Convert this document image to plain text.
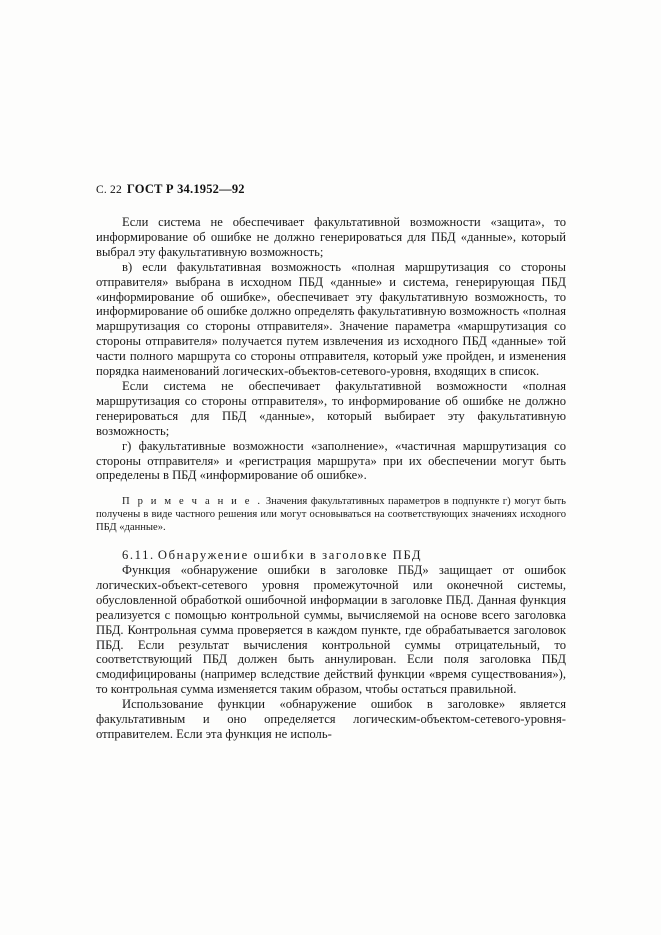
С. 22 ГОСТ Р 34.1952—92

Если система не обеспечивает факультативной возможности «защита», то информирование об ошибке не должно генерироваться для ПБД «данные», который выбрал эту факультативную возможность;

в) если факультативная возможность «полная маршрутизация со стороны отправителя» выбрана в исходном ПБД «данные» и система, генерирующая ПБД «информирование об ошибке», обеспечивает эту факультативную возможность, то информирование об ошибке должно определять факультативную возможность «полная маршрутизация со стороны отправителя». Значение параметра «маршрутизация со стороны отправителя» получается путем извлечения из исходного ПБД «данные» той части полного маршрута со стороны отправителя, который уже пройден, и изменения порядка наименований логических-объектов-сетевого-уровня, входящих в список.

Если система не обеспечивает факультативной возможности «полная маршрутизация со стороны отправителя», то информирование об ошибке не должно генерироваться для ПБД «данные», который выбирает эту факультативную возможность;

г) факультативные возможности «заполнение», «частичная маршрутизация со стороны отправителя» и «регистрация маршрута» при их обеспечении могут быть определены в ПБД «информирование об ошибке».

П р и м е ч а н и е . Значения факультативных параметров в подпункте г) могут быть получены в виде частного решения или могут основываться на соответствующих значениях исходного ПБД «данные».
6.11. Обнаружение ошибки в заголовке ПБД

Функция «обнаружение ошибки в заголовке ПБД» защищает от ошибок логических-объект-сетевого уровня промежуточной или оконечной системы, обусловленной обработкой ошибочной информации в заголовке ПБД. Данная функция реализуется с помощью контрольной суммы, вычисляемой на основе всего заголовка ПБД. Контрольная сумма проверяется в каждом пункте, где обрабатывается заголовок ПБД. Если результат вычисления контрольной суммы отрицательный, то соответствующий ПБД должен быть аннулирован. Если поля заголовка ПБД смодифицированы (например вследствие действий функции «время существования»), то контрольная сумма изменяется таким образом, чтобы остаться правильной.

Использование функции «обнаружение ошибок в заголовке» является факультативным и оно определяется логическим-объектом-сетевого-уровня-отправителем. Если эта функция не исполь-
